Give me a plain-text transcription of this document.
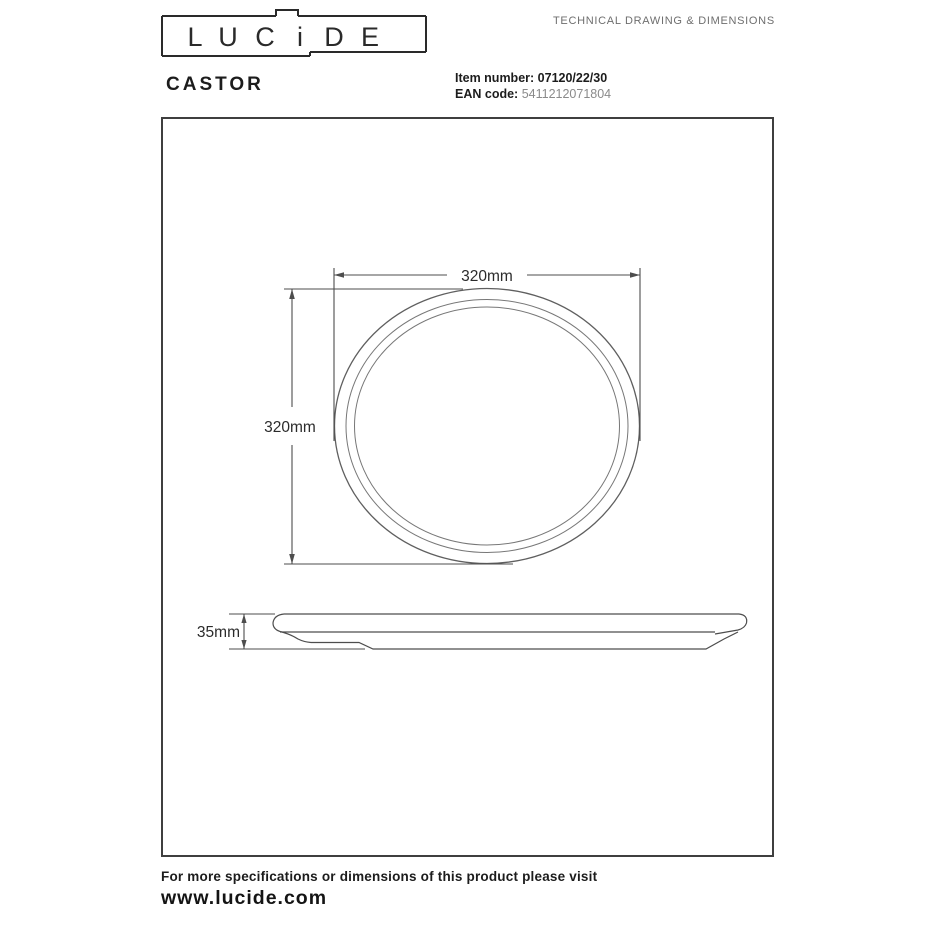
L U C i D E
CASTOR
TECHNICAL DRAWING & DIMENSIONS
Item number: 07120/22/30
EAN code: 5411212071804
320mm
320mm
35mm
For more specifications or dimensions of this product please visit
www.lucide.com
